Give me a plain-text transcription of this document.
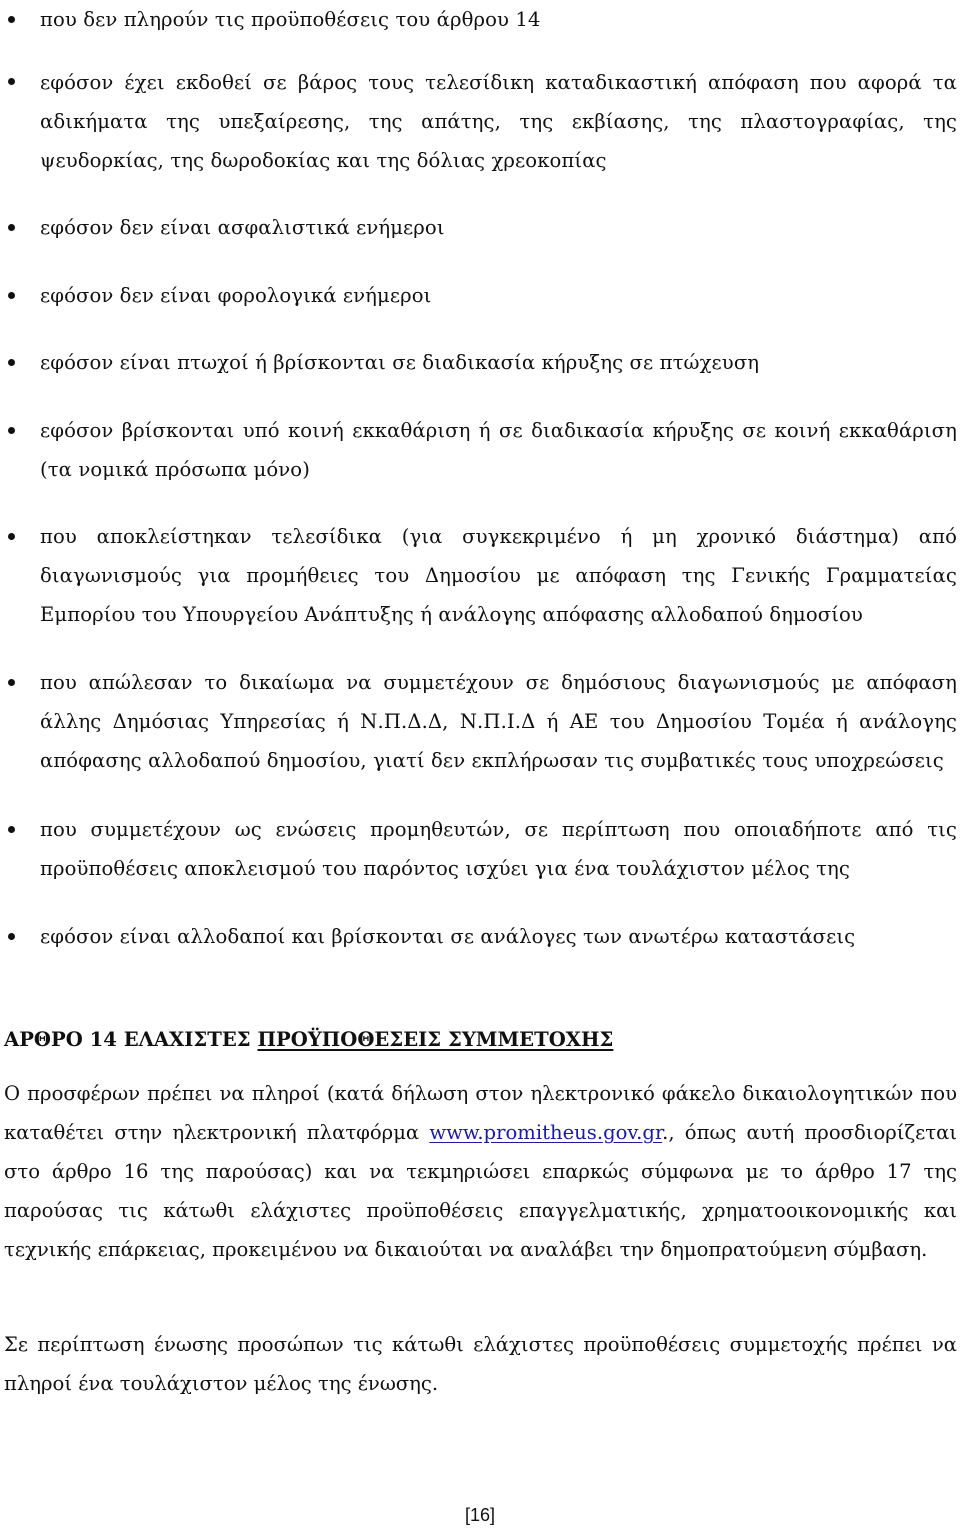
που δεν πληρούν τις προϋποθέσεις του άρθρου 14
εφόσον έχει εκδοθεί σε βάρος τους τελεσίδικη καταδικαστική απόφαση που αφορά τα αδικήματα της υπεξαίρεσης, της απάτης, της εκβίασης, της πλαστογραφίας, της ψευδορκίας, της δωροδοκίας και της δόλιας χρεοκοπίας
εφόσον δεν είναι ασφαλιστικά ενήμεροι
εφόσον δεν είναι φορολογικά ενήμεροι
εφόσον είναι πτωχοί ή βρίσκονται σε διαδικασία κήρυξης σε πτώχευση
εφόσον βρίσκονται υπό κοινή εκκαθάριση ή σε διαδικασία κήρυξης σε κοινή εκκαθάριση (τα νομικά πρόσωπα μόνο)
που αποκλείστηκαν τελεσίδικα (για συγκεκριμένο ή μη χρονικό διάστημα) από διαγωνισμούς για προμήθειες του Δημοσίου με απόφαση της Γενικής Γραμματείας Εμπορίου του Υπουργείου Ανάπτυξης ή ανάλογης απόφασης αλλοδαπού δημοσίου
που απώλεσαν το δικαίωμα να συμμετέχουν σε δημόσιους διαγωνισμούς με απόφαση άλλης Δημόσιας Υπηρεσίας ή Ν.Π.Δ.Δ, Ν.Π.Ι.Δ ή ΑΕ του Δημοσίου Τομέα ή ανάλογης απόφασης αλλοδαπού δημοσίου, γιατί δεν εκπλήρωσαν τις συμβατικές τους υποχρεώσεις
που συμμετέχουν ως ενώσεις προμηθευτών, σε περίπτωση που οποιαδήποτε από τις προϋποθέσεις αποκλεισμού του παρόντος ισχύει για ένα τουλάχιστον μέλος της
εφόσον είναι αλλοδαποί και βρίσκονται σε ανάλογες των ανωτέρω καταστάσεις
ΑΡΘΡΟ 14 ΕΛΑΧΙΣΤΕΣ ΠΡΟΫΠΟΘΕΣΕΙΣ ΣΥΜΜΕΤΟΧΗΣ

Ο προσφέρων πρέπει να πληροί (κατά δήλωση στον ηλεκτρονικό φάκελο δικαιολογητικών που καταθέτει στην ηλεκτρονική πλατφόρμα www.promitheus.gov.gr., όπως αυτή προσδιορίζεται στο άρθρο 16 της παρούσας) και να τεκμηριώσει επαρκώς σύμφωνα με το άρθρο 17 της παρούσας τις κάτωθι ελάχιστες προϋποθέσεις επαγγελματικής, χρηματοοικονομικής και τεχνικής επάρκειας, προκειμένου να δικαιούται να αναλάβει την δημοπρατούμενη σύμβαση.

Σε περίπτωση ένωσης προσώπων τις κάτωθι ελάχιστες προϋποθέσεις συμμετοχής πρέπει να πληροί ένα τουλάχιστον μέλος της ένωσης.

[16]
